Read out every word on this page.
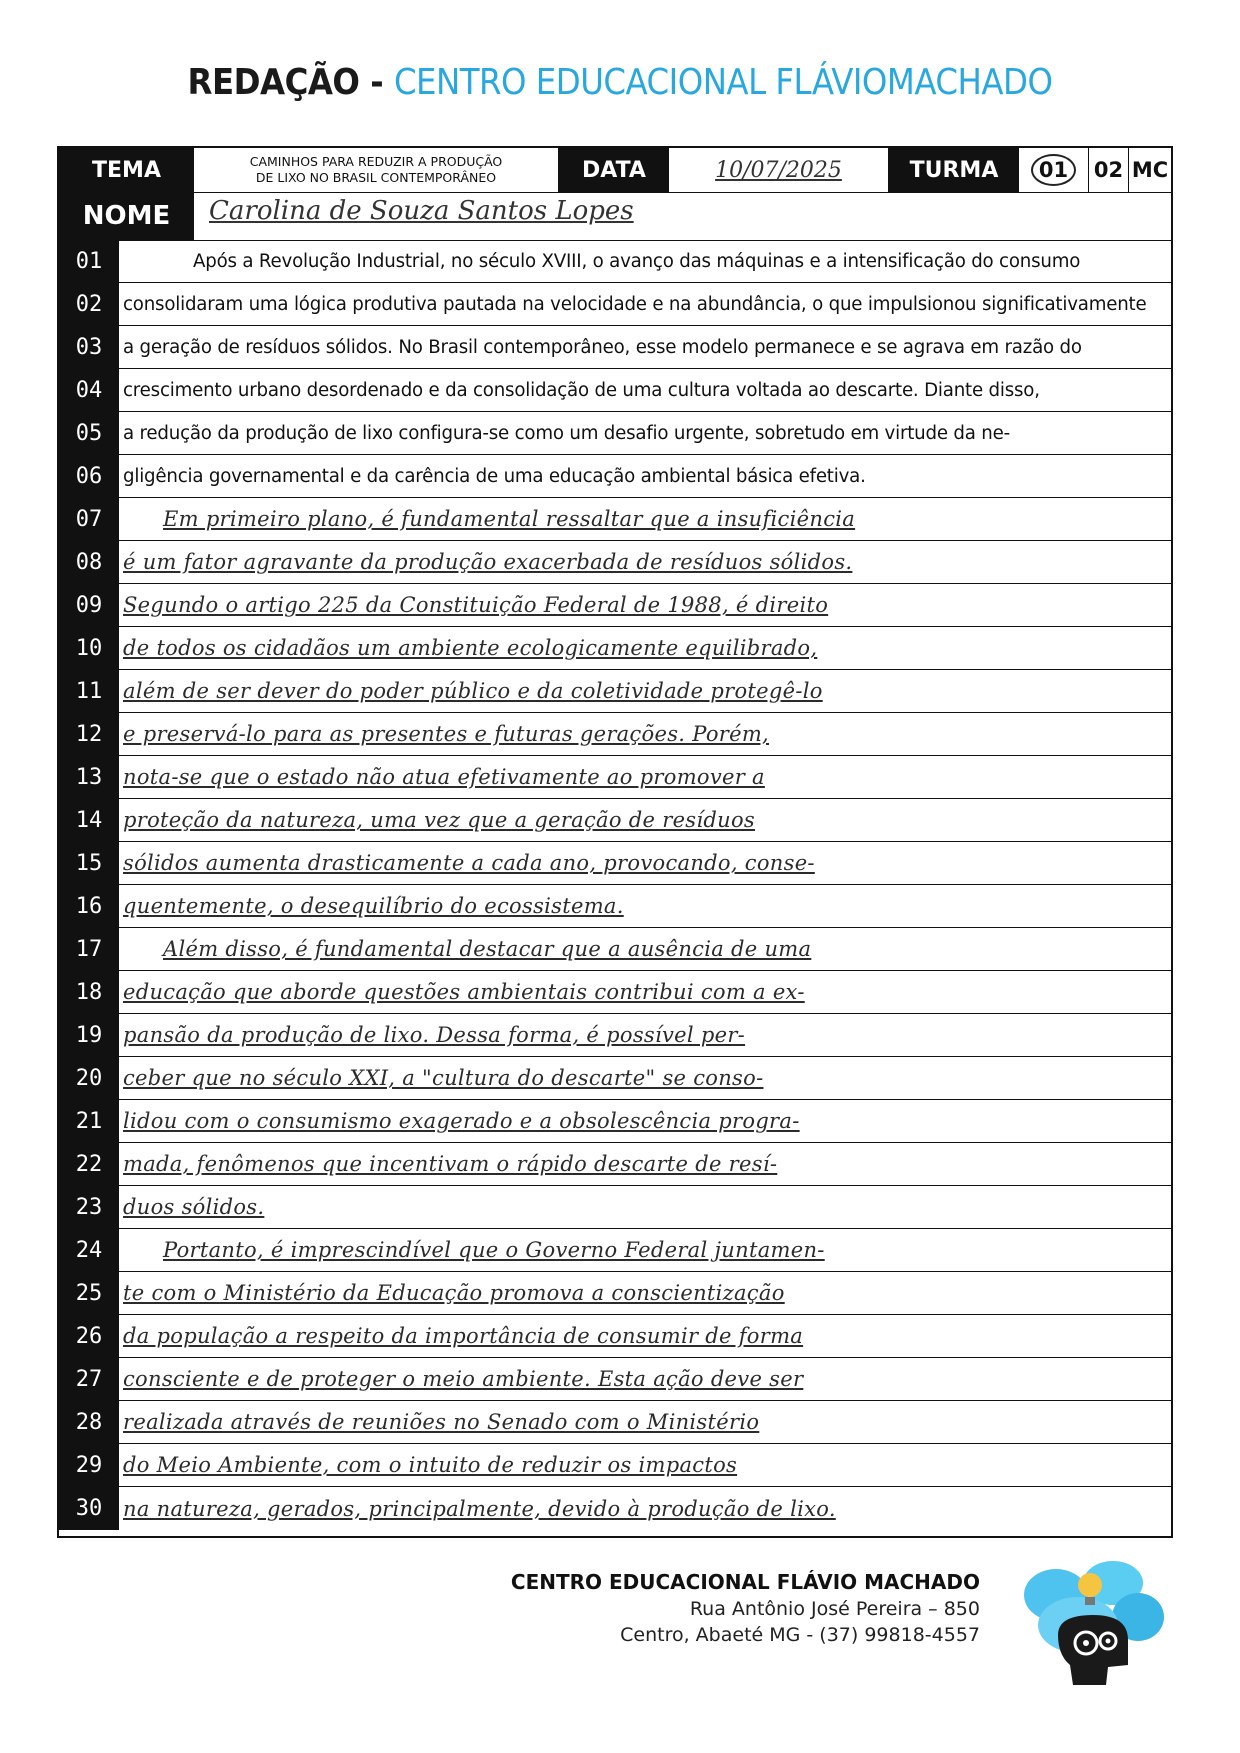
REDAÇÃO - CENTRO EDUCACIONAL FLÁVIOMACHADO
TEMA	CAMINHOS PARA REDUZIR A PRODUÇÃO
DE LIXO NO BRASIL CONTEMPORÂNEO	DATA	10/07/2025	TURMA	01	02 MC
NOME	Carolina de Souza Santos Lopes
01	Após a Revolução Industrial, no século XVIII, o avanço das máquinas e a intensificação do consumo
02	consolidaram uma lógica produtiva pautada na velocidade e na abundância, o que impulsionou significativamente
03	a geração de resíduos sólidos. No Brasil contemporâneo, esse modelo permanece e se agrava em razão do
04	crescimento urbano desordenado e da consolidação de uma cultura voltada ao descarte. Diante disso,
05	a redução da produção de lixo configura-se como um desafio urgente, sobretudo em virtude da ne-
06	gligência governamental e da carência de uma educação ambiental básica efetiva.
07	Em primeiro plano, é fundamental ressaltar que a insuficiência
08 é um fator agravante da produção exacerbada de resíduos sólidos.
09 Segundo o artigo 225 da Constituição Federal de 1988, é direito
10 de todos os cidadãos um ambiente ecologicamente equilibrado,
11 além de ser dever do poder público e da coletividade protegê-lo
12 e preservá-lo para as presentes e futuras gerações. Porém,
13 nota-se que o estado não atua efetivamente ao promover a
14 proteção da natureza, uma vez que a geração de resíduos
15 sólidos aumenta drasticamente a cada ano, provocando, conse-
16 quentemente, o desequilíbrio do ecossistema.
17	Além disso, é fundamental destacar que a ausência de uma
18 educação que aborde questões ambientais contribui com a ex-
19 pansão da produção de lixo. Dessa forma, é possível per-
20 ceber que no século XXI, a "cultura do descarte" se conso-
21 lidou com o consumismo exagerado e a obsolescência progra-
22 mada, fenômenos que incentivam o rápido descarte de resí-
23 duos sólidos.
24	Portanto, é imprescindível que o Governo Federal juntamen-
25 te com o Ministério da Educação promova a conscientização
26 da população a respeito da importância de consumir de forma
27 consciente e de proteger o meio ambiente. Esta ação deve ser
28 realizada através de reuniões no Senado com o Ministério
29 do Meio Ambiente, com o intuito de reduzir os impactos
30 na natureza, gerados, principalmente, devido à produção de lixo.
CENTRO EDUCACIONAL FLÁVIO MACHADO
Rua Antônio José Pereira – 850
Centro, Abaeté MG - (37) 99818-4557
